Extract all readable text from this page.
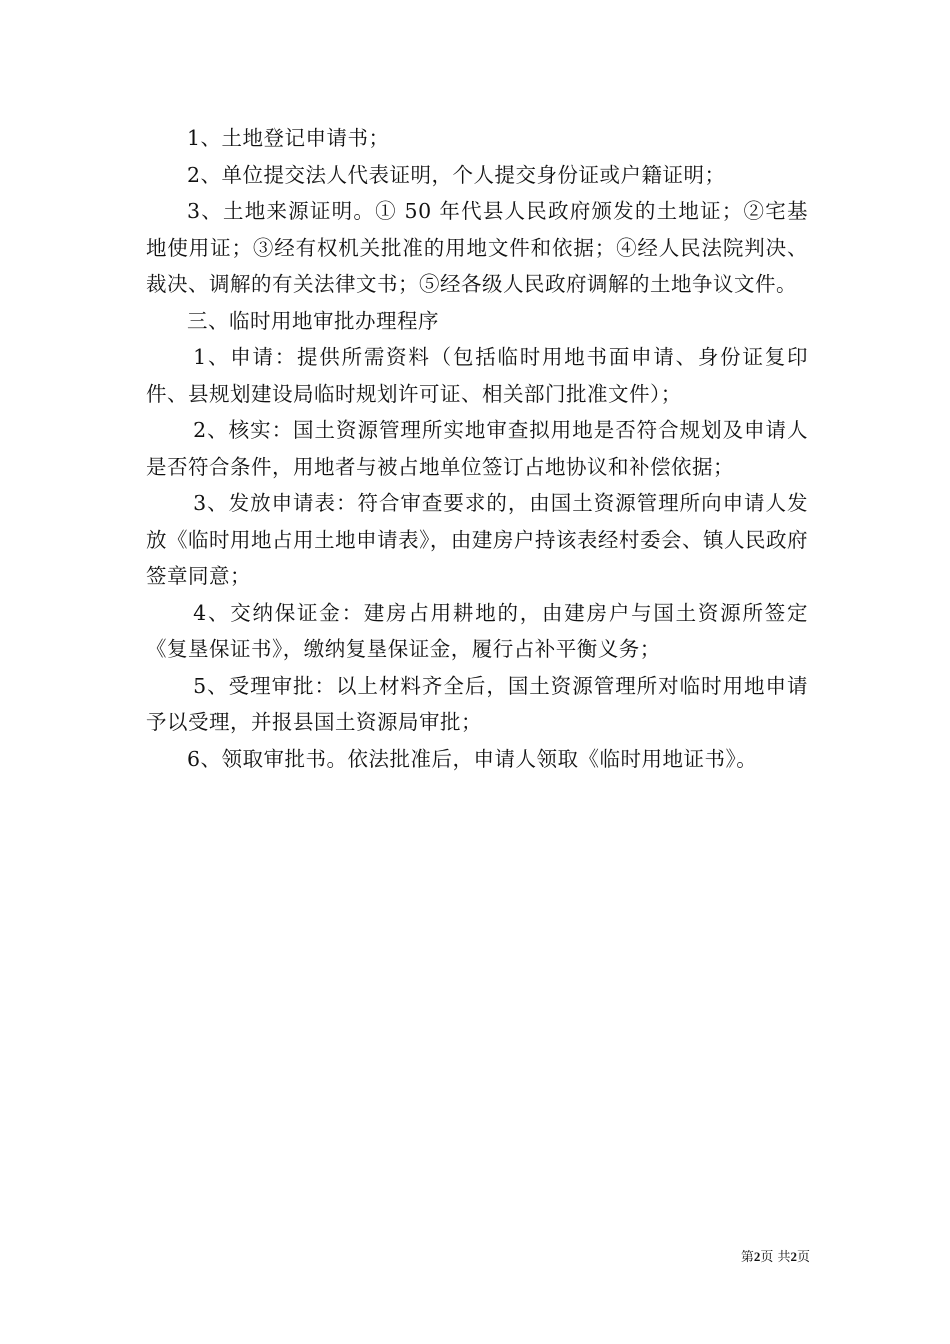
1、土地登记申请书；

2、单位提交法人代表证明，个人提交身份证或户籍证明；

3、土地来源证明。① 50 年代县人民政府颁发的土地证；②宅基地使用证；③经有权机关批准的用地文件和依据；④经人民法院判决、裁决、调解的有关法律文书；⑤经各级人民政府调解的土地争议文件。

三、临时用地审批办理程序

1、申请：提供所需资料（包括临时用地书面申请、身份证复印件、县规划建设局临时规划许可证、相关部门批准文件）；

2、核实：国土资源管理所实地审查拟用地是否符合规划及申请人是否符合条件，用地者与被占地单位签订占地协议和补偿依据；

3、发放申请表：符合审查要求的，由国土资源管理所向申请人发放《临时用地占用土地申请表》，由建房户持该表经村委会、镇人民政府签章同意；

4、交纳保证金：建房占用耕地的，由建房户与国土资源所签定《复垦保证书》，缴纳复垦保证金，履行占补平衡义务；

5、受理审批：以上材料齐全后，国土资源管理所对临时用地申请予以受理，并报县国土资源局审批；

6、领取审批书。依法批准后，申请人领取《临时用地证书》。

第2页 共2页
